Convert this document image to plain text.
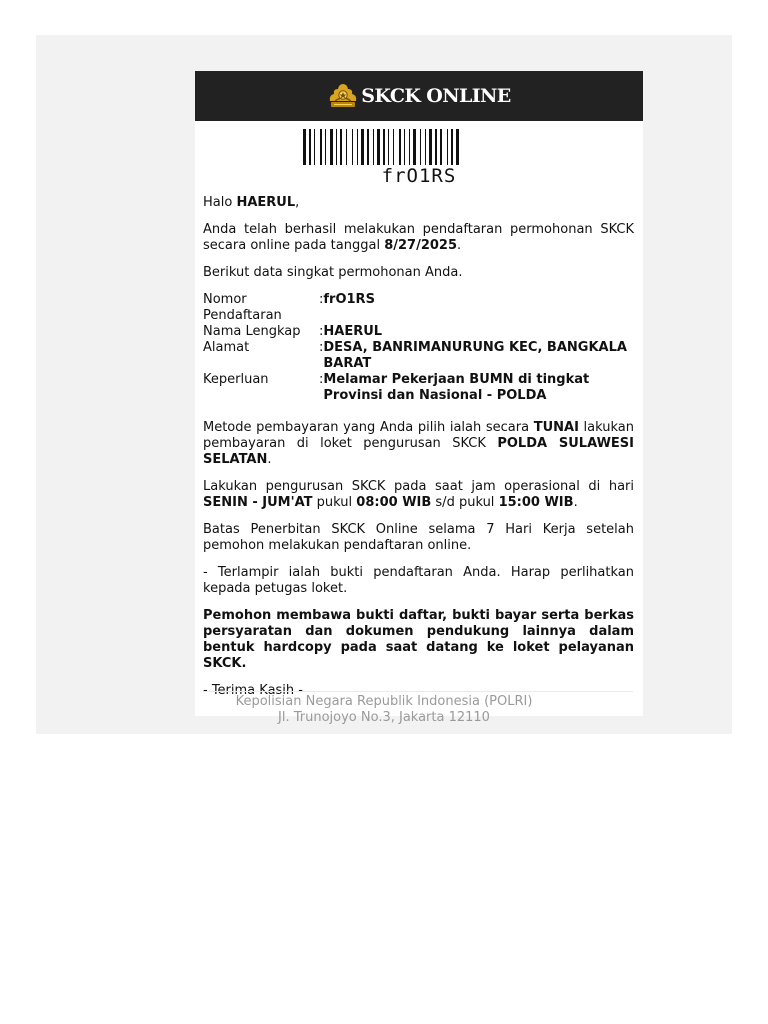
SKCK ONLINE
frO1RS

Halo HAERUL,

Anda telah berhasil melakukan pendaftaran permohonan SKCK secara online pada tanggal 8/27/2025.

Berikut data singkat permohonan Anda.

Nomor Pendaftaran	:	frO1RS
Nama Lengkap	:	HAERUL
Alamat	:	DESA, BANRIMANURUNG KEC, BANGKALA BARAT
Keperluan	:	Melamar Pekerjaan BUMN di tingkat Provinsi dan Nasional - POLDA

Metode pembayaran yang Anda pilih ialah secara TUNAI lakukan pembayaran di loket pengurusan SKCK POLDA SULAWESI SELATAN.

Lakukan pengurusan SKCK pada saat jam operasional di hari SENIN - JUM'AT pukul 08:00 WIB s/d pukul 15:00 WIB.

Batas Penerbitan SKCK Online selama 7 Hari Kerja setelah pemohon melakukan pendaftaran online.

- Terlampir ialah bukti pendaftaran Anda. Harap perlihatkan kepada petugas loket.

Pemohon membawa bukti daftar, bukti bayar serta berkas persyaratan dan dokumen pendukung lainnya dalam bentuk hardcopy pada saat datang ke loket pelayanan SKCK.

- Terima Kasih -

Kepolisian Negara Republik Indonesia (POLRI)
Jl. Trunojoyo No.3, Jakarta 12110
